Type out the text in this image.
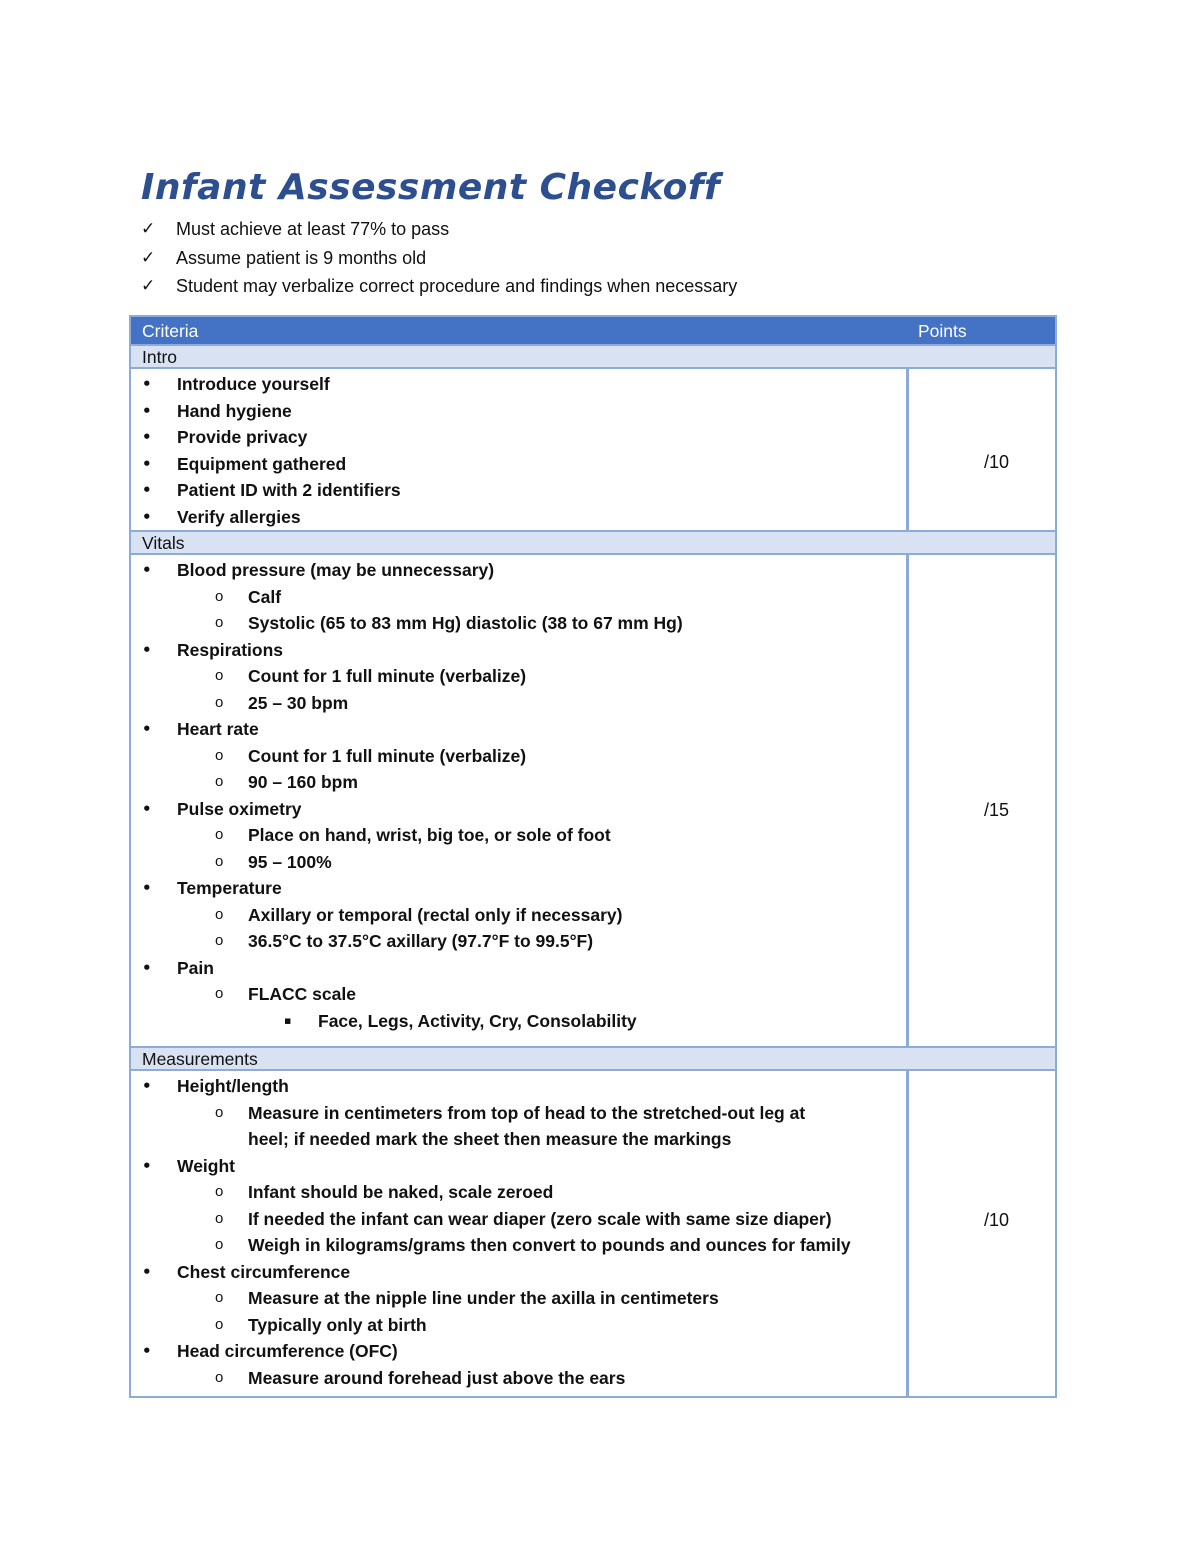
Infant Assessment Checkoff
✓	Must achieve at least 77% to pass
✓	Assume patient is 9 months old
✓	Student may verbalize correct procedure and findings when necessary
Criteria	Points
Intro
• Introduce yourself
• Hand hygiene
• Provide privacy
• Equipment gathered
• Patient ID with 2 identifiers
• Verify allergies
/10
Vitals
• Blood pressure (may be unnecessary)
o Calf
o Systolic (65 to 83 mm Hg) diastolic (38 to 67 mm Hg)
• Respirations
o Count for 1 full minute (verbalize)
o 25 – 30 bpm
• Heart rate
o Count for 1 full minute (verbalize)
o 90 – 160 bpm
• Pulse oximetry
o Place on hand, wrist, big toe, or sole of foot
o 95 – 100%
• Temperature
o Axillary or temporal (rectal only if necessary)
o 36.5°C to 37.5°C axillary (97.7°F to 99.5°F)
• Pain
o FLACC scale
▪ Face, Legs, Activity, Cry, Consolability
/15
Measurements
• Height/length
o Measure in centimeters from top of head to the stretched-out leg at
heel; if needed mark the sheet then measure the markings
• Weight
o Infant should be naked, scale zeroed
o If needed the infant can wear diaper (zero scale with same size diaper)
o Weigh in kilograms/grams then convert to pounds and ounces for family
• Chest circumference
o Measure at the nipple line under the axilla in centimeters
o Typically only at birth
• Head circumference (OFC)
o Measure around forehead just above the ears
/10
